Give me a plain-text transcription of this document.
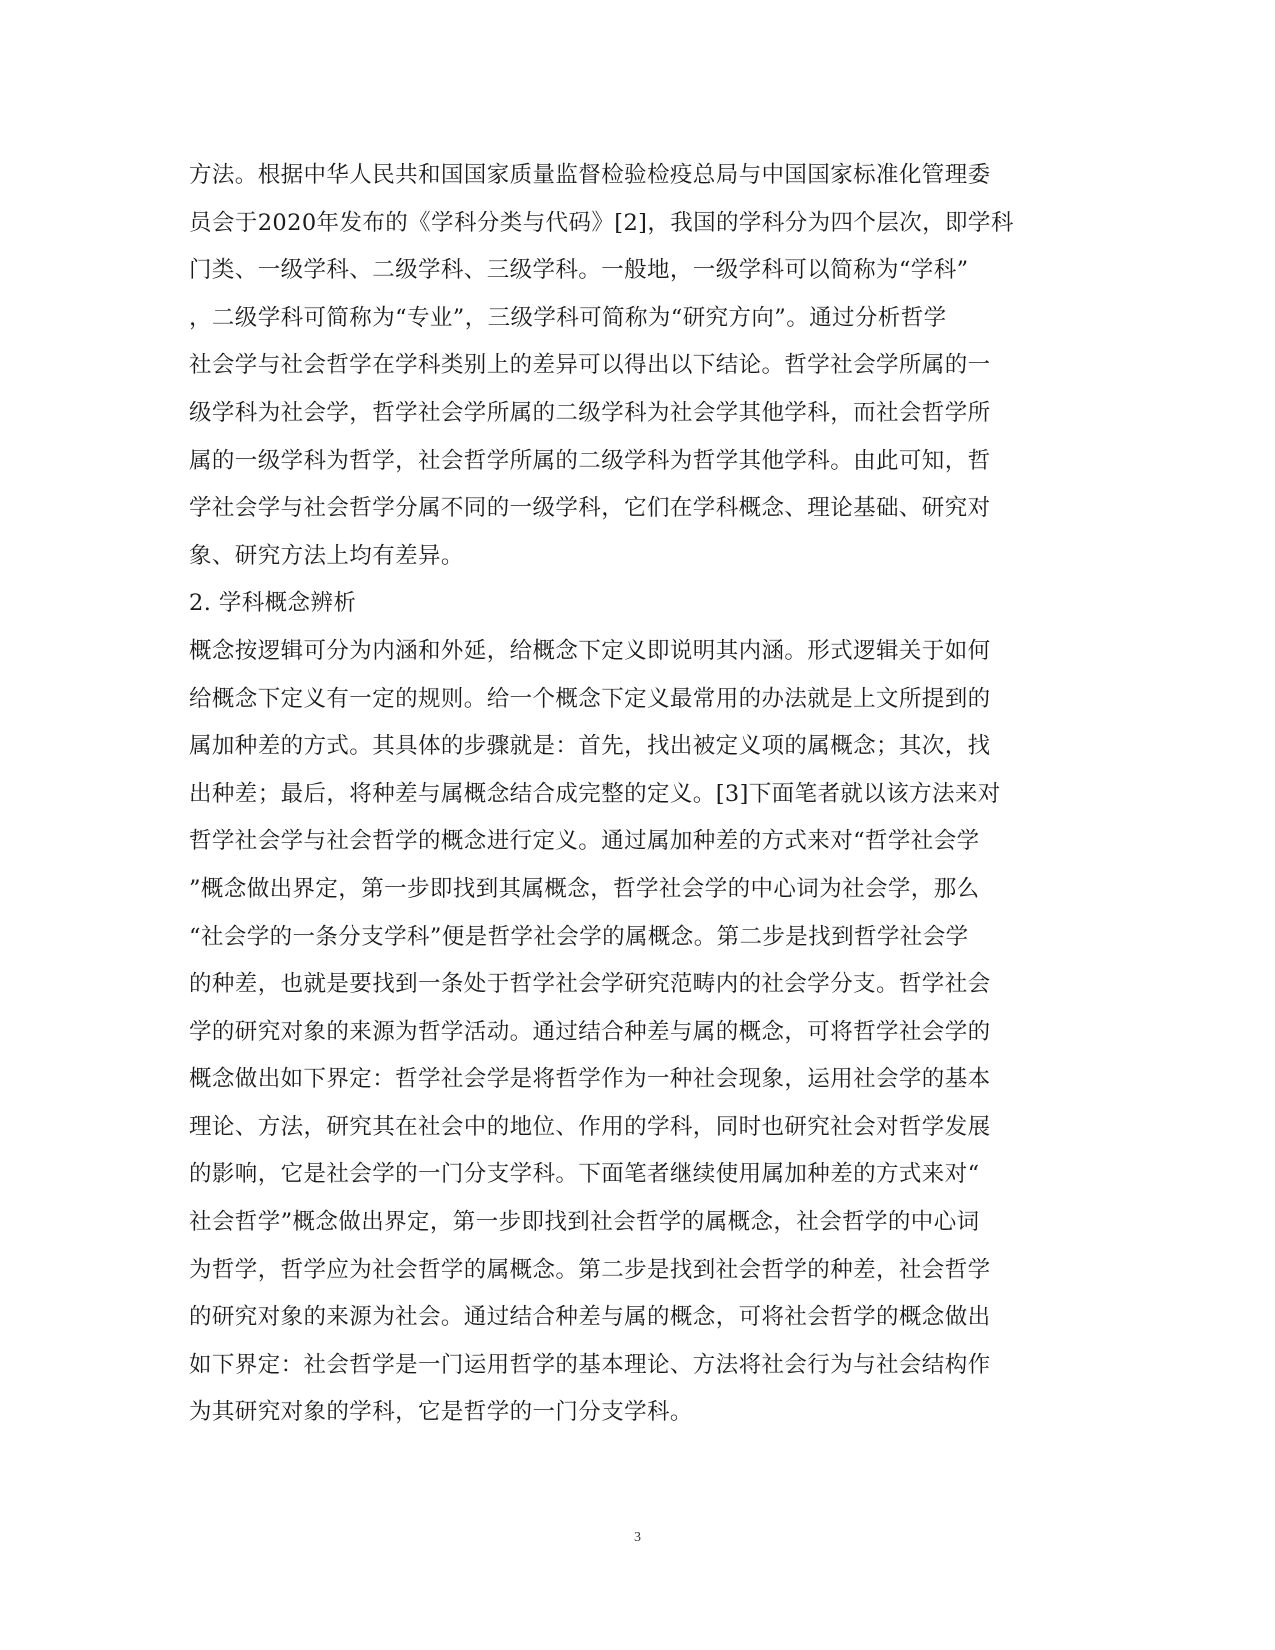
方法。根据中华人民共和国国家质量监督检验检疫总局与中国国家标准化管理委
员会于2020年发布的《学科分类与代码》[2]，我国的学科分为四个层次，即学科
门类、一级学科、二级学科、三级学科。一般地，一级学科可以简称为“学科”
，二级学科可简称为“专业”，三级学科可简称为“研究方向”。通过分析哲学
社会学与社会哲学在学科类别上的差异可以得出以下结论。哲学社会学所属的一
级学科为社会学，哲学社会学所属的二级学科为社会学其他学科，而社会哲学所
属的一级学科为哲学，社会哲学所属的二级学科为哲学其他学科。由此可知，哲
学社会学与社会哲学分属不同的一级学科，它们在学科概念、理论基础、研究对
象、研究方法上均有差异。
2. 学科概念辨析
概念按逻辑可分为内涵和外延，给概念下定义即说明其内涵。形式逻辑关于如何
给概念下定义有一定的规则。给一个概念下定义最常用的办法就是上文所提到的
属加种差的方式。其具体的步骤就是：首先，找出被定义项的属概念；其次，找
出种差；最后，将种差与属概念结合成完整的定义。[3]下面笔者就以该方法来对
哲学社会学与社会哲学的概念进行定义。通过属加种差的方式来对“哲学社会学
”概念做出界定，第一步即找到其属概念，哲学社会学的中心词为社会学，那么
“社会学的一条分支学科”便是哲学社会学的属概念。第二步是找到哲学社会学
的种差，也就是要找到一条处于哲学社会学研究范畴内的社会学分支。哲学社会
学的研究对象的来源为哲学活动。通过结合种差与属的概念，可将哲学社会学的
概念做出如下界定：哲学社会学是将哲学作为一种社会现象，运用社会学的基本
理论、方法，研究其在社会中的地位、作用的学科，同时也研究社会对哲学发展
的影响，它是社会学的一门分支学科。下面笔者继续使用属加种差的方式来对“
社会哲学”概念做出界定，第一步即找到社会哲学的属概念，社会哲学的中心词
为哲学，哲学应为社会哲学的属概念。第二步是找到社会哲学的种差，社会哲学
的研究对象的来源为社会。通过结合种差与属的概念，可将社会哲学的概念做出
如下界定：社会哲学是一门运用哲学的基本理论、方法将社会行为与社会结构作
为其研究对象的学科，它是哲学的一门分支学科。
3
